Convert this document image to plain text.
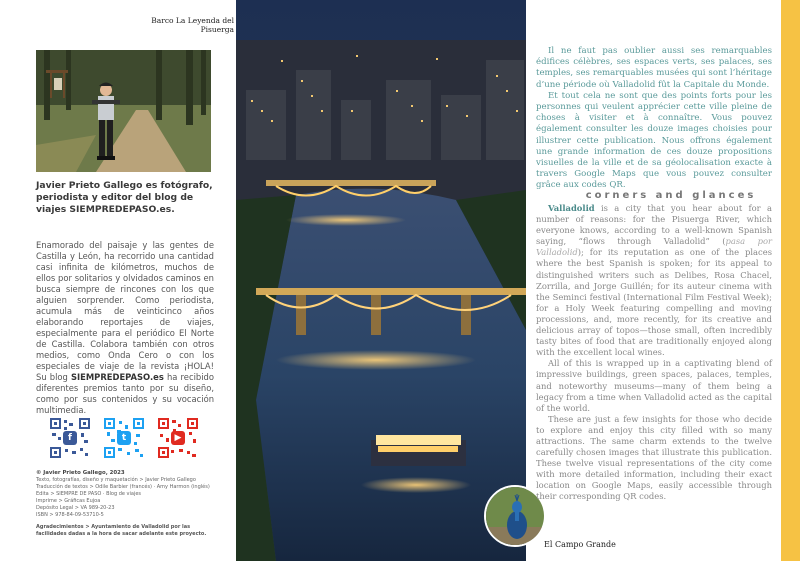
Barco La Leyenda del Pisuerga
Javier Prieto Gallego es fotógrafo, periodista y editor del blog de viajes SIEMPREDEPASO.es.
Enamorado del paisaje y las gentes de Castilla y León, ha recorrido una cantidad casi infinita de kilómetros, muchos de ellos por solitarios y olvidados caminos en busca siempre de rincones con los que alguien sorprender. Como periodista, acumula más de veinticinco años elaborando reportajes de viajes, especialmente para el periódico El Norte de Castilla. Colabora también con otros medios, como Onda Cero o con los especiales de viaje de la revista ¡HOLA! Su blog SIEMPREDEPASO.es ha recibido diferentes premios tanto por su diseño, como por sus contenidos y su vocación multimedia.
f	t	▶
© Javier Prieto Gallego, 2023
Texto, fotografías, diseño y maquetación > Javier Prieto Gallego
Traducción de textos > Odile Barbier (francés) · Amy Harmon (inglés)
Edita > SIEMPRE DE PASO · Blog de viajes
Imprime > Gráficas Eujoa
Depósito Legal > VA 989-20-23
ISBN > 978-84-09-53710-5
Agradecimientos > Ayuntamiento de Valladolid por las facilidades dadas a la hora de sacar adelante este proyecto.

Il ne faut pas oublier aussi ses remarquables édifices célèbres, ses espaces verts, ses palaces, ses temples, ses remarquables musées qui sont l’héritage d’une période où Valladolid fût la Capitale du Monde.

Et tout cela ne sont que des points forts pour les personnes qui veulent apprécier cette ville pleine de choses à visiter et à connaître. Vous pouvez également consulter les douze images choisies pour illustrer cette publication. Nous offrons également une grande information de ces douze propositions visuelles de la ville et de sa géolocalisation exacte à travers Google Maps que vous pouvez consulter grâce aux codes QR.

corners and glances

Valladolid is a city that you hear about for a number of reasons: for the Pisuerga River, which everyone knows, according to a well-known Spanish saying, “flows through Valladolid” (pasa por Valladolid); for its reputation as one of the places where the best Spanish is spoken; for its appeal to distinguished writers such as Delibes, Rosa Chacel, Zorrilla, and Jorge Guillén; for its auteur cinema with the Seminci festival (International Film Festival Week); for a Holy Week featuring compelling and moving processions, and, more recently, for its creative and delicious array of topos—those small, often incredibly tasty bites of food that are traditionally enjoyed along with the excellent local wines.

All of this is wrapped up in a captivating blend of impressive buildings, green spaces, palaces, temples, and noteworthy museums—many of them being a legacy from a time when Valladolid acted as the capital of the world.

These are just a few insights for those who decide to explore and enjoy this city filled with so many attractions. The same charm extends to the twelve carefully chosen images that illustrate this publication. These twelve visual representations of the city come with more detailed information, including their exact location on Google Maps, easily accessible through their corresponding QR codes.

El Campo Grande
